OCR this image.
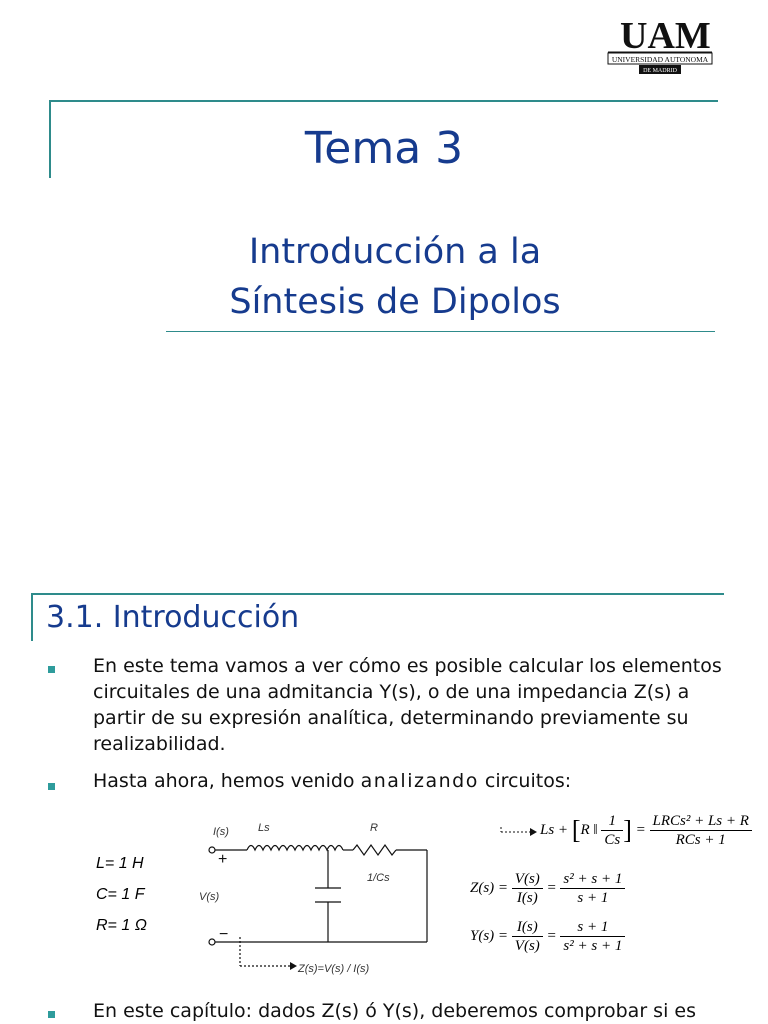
UAM
UNIVERSIDAD AUTONOMA
DE MADRID
Tema 3
Introducción a la
Síntesis de Dipolos
3.1. Introducción
En este tema vamos a ver cómo es posible calcular los elementos circuitales de una admitancia Y(s), o de una impedancia Z(s) a partir de su expresión analítica, determinando previamente su realizabilidad.
Hasta ahora, hemos venido analizando circuitos:
L= 1 H
C= 1 F
R= 1 Ω
I(s)	Ls	R
V(s)
1/Cs
+
−
Z(s)=V(s) / I(s)
Ls + [R ‖ $\frac{1}{Cs}$ ] = $\frac{\text{LRCs² + Ls + R}}{\text{RCs + 1}}$
$Z(s) = \frac{V(s)}{I(s)} = \frac{\text{s² + s + 1}}{s + 1}$
$Y(s) = \frac{I(s)}{V(s)} = \frac{s + 1}{\text{s² + s + 1}}$
En este capítulo: dados Z(s) ó Y(s), deberemos comprobar si es
